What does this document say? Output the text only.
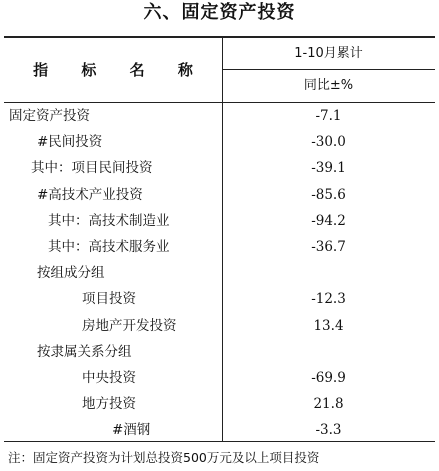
六、固定资产投资
指 标 名 称
1-10月累计
同比±%
固定资产投资	-7.1
#民间投资	-30.0
其中：项目民间投资	-39.1
#高技术产业投资	-85.6
其中：高技术制造业	-94.2
其中：高技术服务业	-36.7
按组成分组
项目投资	-12.3
房地产开发投资	13.4
按隶属关系分组
中央投资	-69.9
地方投资	21.8
#酒钢	-3.3
注：固定资产投资为计划总投资500万元及以上项目投资
